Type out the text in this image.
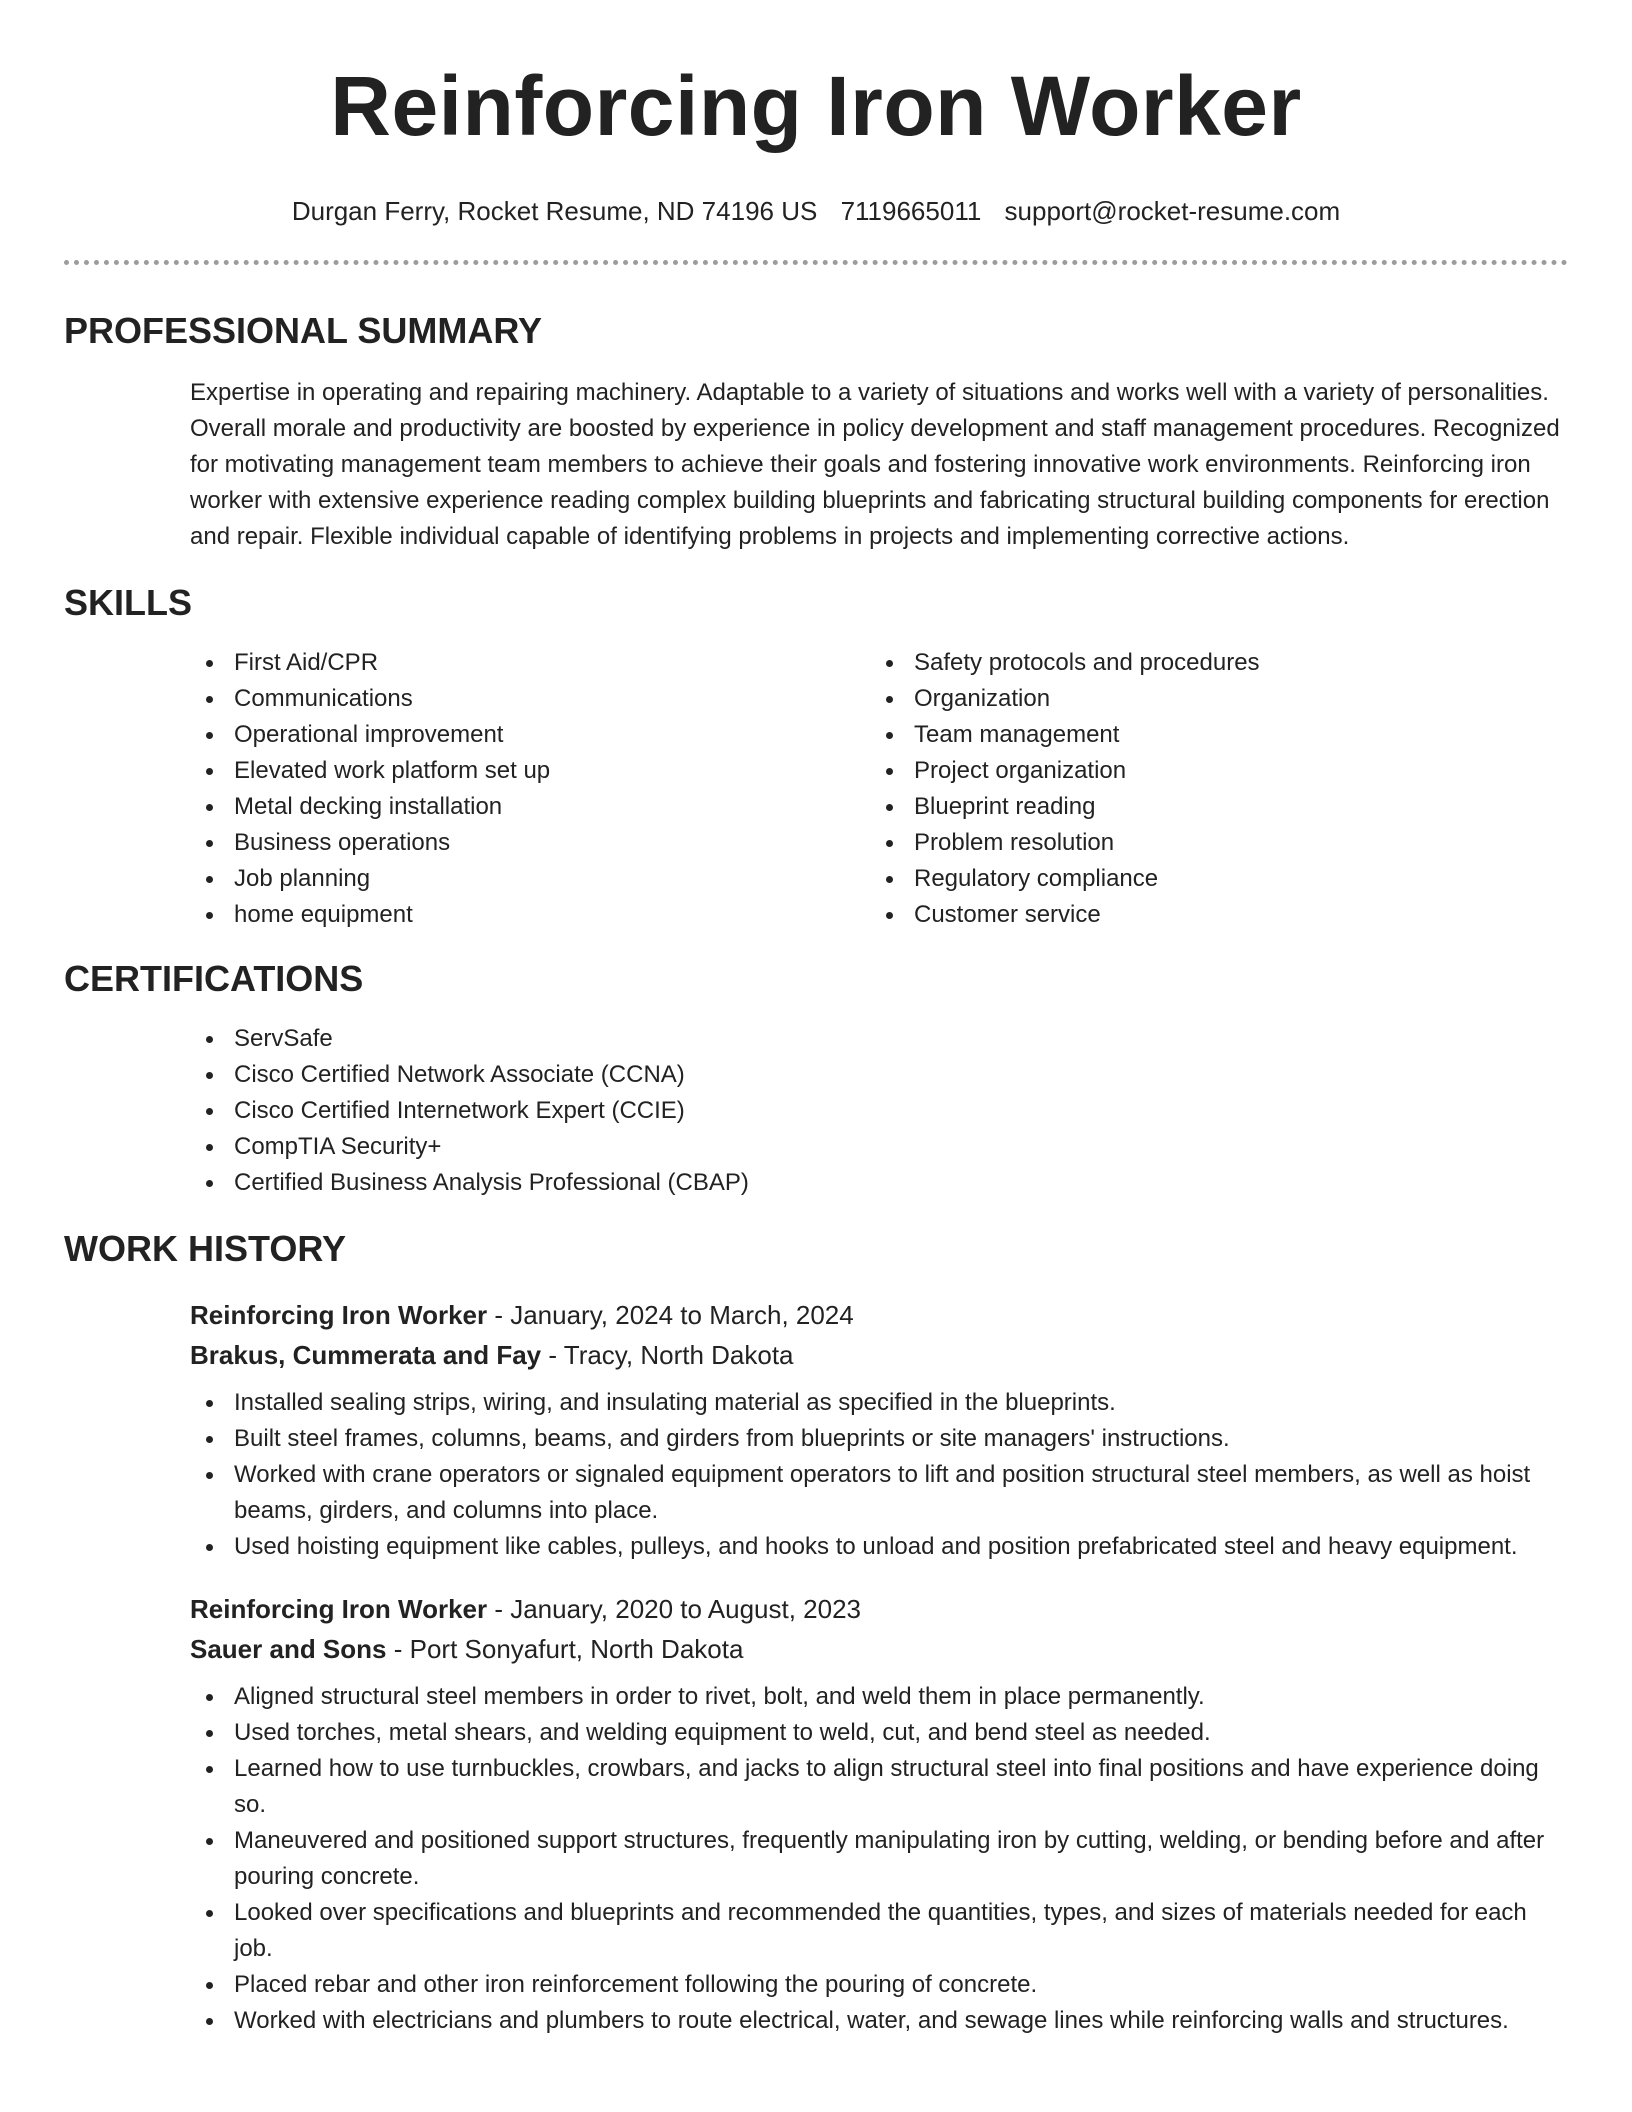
Reinforcing Iron Worker
Durgan Ferry, Rocket Resume, ND 74196 US 7119665011 support@rocket-resume.com
PROFESSIONAL SUMMARY

Expertise in operating and repairing machinery. Adaptable to a variety of situations and works well with a variety of personalities. Overall morale and productivity are boosted by experience in policy development and staff management procedures. Recognized for motivating management team members to achieve their goals and fostering innovative work environments. Reinforcing iron worker with extensive experience reading complex building blueprints and fabricating structural building components for erection and repair. Flexible individual capable of identifying problems in projects and implementing corrective actions.

SKILLS
First Aid/CPR
Communications
Operational improvement
Elevated work platform set up
Metal decking installation
Business operations
Job planning
home equipment
Safety protocols and procedures
Organization
Team management
Project organization
Blueprint reading
Problem resolution
Regulatory compliance
Customer service
CERTIFICATIONS
ServSafe
Cisco Certified Network Associate (CCNA)
Cisco Certified Internetwork Expert (CCIE)
CompTIA Security+
Certified Business Analysis Professional (CBAP)
WORK HISTORY
Reinforcing Iron Worker - January, 2024 to March, 2024
Brakus, Cummerata and Fay - Tracy, North Dakota
Installed sealing strips, wiring, and insulating material as specified in the blueprints.
Built steel frames, columns, beams, and girders from blueprints or site managers' instructions.
Worked with crane operators or signaled equipment operators to lift and position structural steel members, as well as hoist beams, girders, and columns into place.
Used hoisting equipment like cables, pulleys, and hooks to unload and position prefabricated steel and heavy equipment.
Reinforcing Iron Worker - January, 2020 to August, 2023
Sauer and Sons - Port Sonyafurt, North Dakota
Aligned structural steel members in order to rivet, bolt, and weld them in place permanently.
Used torches, metal shears, and welding equipment to weld, cut, and bend steel as needed.
Learned how to use turnbuckles, crowbars, and jacks to align structural steel into final positions and have experience doing so.
Maneuvered and positioned support structures, frequently manipulating iron by cutting, welding, or bending before and after pouring concrete.
Looked over specifications and blueprints and recommended the quantities, types, and sizes of materials needed for each job.
Placed rebar and other iron reinforcement following the pouring of concrete.
Worked with electricians and plumbers to route electrical, water, and sewage lines while reinforcing walls and structures.
